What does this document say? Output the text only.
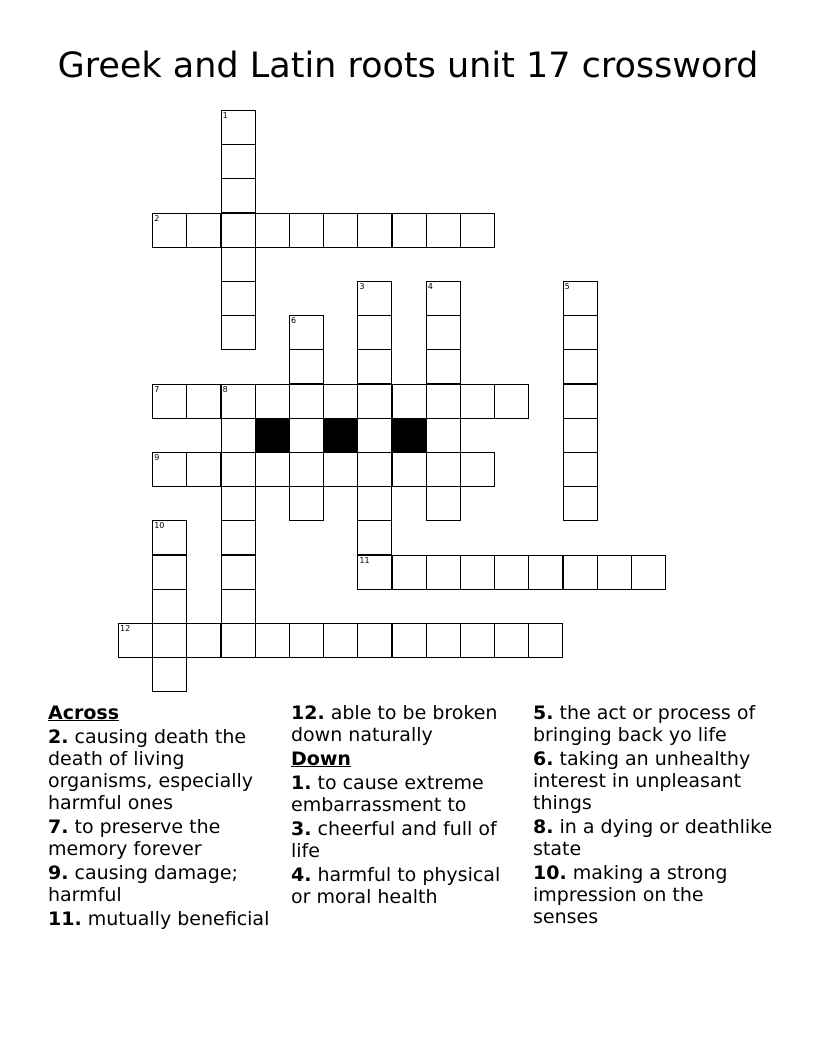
Greek and Latin roots unit 17 crossword
1
2
3	4	5
6
7	8
9
10
11
12
Across
2. causing death the death of living organisms, especially harmful ones
7. to preserve the memory forever
9. causing damage; harmful
11. mutually beneficial
12. able to be broken down naturally
Down
1. to cause extreme embarrassment to
3. cheerful and full of life
4. harmful to physical or moral health
5. the act or process of bringing back yo life
6. taking an unhealthy interest in unpleasant things
8. in a dying or deathlike state
10. making a strong impression on the senses
